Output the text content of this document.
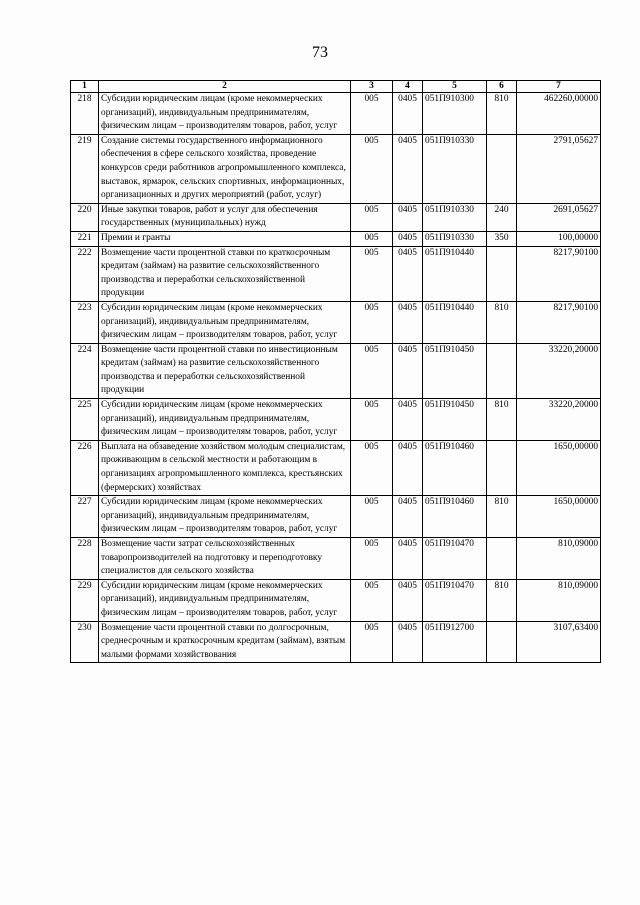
73
1	2	3	4	5	6	7
218	Субсидии юридическим лицам (кроме некоммерческих организаций), индивидуальным предпринимателям, физическим лицам – производителям товаров, работ, услуг	005	0405	051П910300	810	462260,00000
219	Создание системы государственного информационного обеспечения в сфере сельского хозяйства, проведение конкурсов среди работников агропромышленного комплекса, выставок, ярмарок, сельских спортивных, информационных, организационных и других мероприятий (работ, услуг)	005	0405	051П910330		2791,05627
220	Иные закупки товаров, работ и услуг для обеспечения государственных (муниципальных) нужд	005	0405	051П910330	240	2691,05627
221	Премии и гранты	005	0405	051П910330	350	100,00000
222	Возмещение части процентной ставки по краткосрочным кредитам (займам) на развитие сельскохозяйственного производства и переработки сельскохозяйственной продукции	005	0405	051П910440		8217,90100
223	Субсидии юридическим лицам (кроме некоммерческих организаций), индивидуальным предпринимателям, физическим лицам – производителям товаров, работ, услуг	005	0405	051П910440	810	8217,90100
224	Возмещение части процентной ставки по инвестиционным кредитам (займам) на развитие сельскохозяйственного производства и переработки сельскохозяйственной продукции	005	0405	051П910450		33220,20000
225	Субсидии юридическим лицам (кроме некоммерческих организаций), индивидуальным предпринимателям, физическим лицам – производителям товаров, работ, услуг	005	0405	051П910450	810	33220,20000
226	Выплата на обзаведение хозяйством молодым специалистам, проживающим в сельской местности и работающим в организациях агропромышленного комплекса, крестьянских (фермерских) хозяйствах	005	0405	051П910460		1650,00000
227	Субсидии юридическим лицам (кроме некоммерческих организаций), индивидуальным предпринимателям, физическим лицам – производителям товаров, работ, услуг	005	0405	051П910460	810	1650,00000
228	Возмещение части затрат сельскохозяйственных товаропроизводителей на подготовку и переподготовку специалистов для сельского хозяйства	005	0405	051П910470		810,09000
229	Субсидии юридическим лицам (кроме некоммерческих организаций), индивидуальным предпринимателям, физическим лицам – производителям товаров, работ, услуг	005	0405	051П910470	810	810,09000
230	Возмещение части процентной ставки по долгосрочным, среднесрочным и краткосрочным кредитам (займам), взятым малыми формами хозяйствования	005	0405	051П912700		3107,63400
